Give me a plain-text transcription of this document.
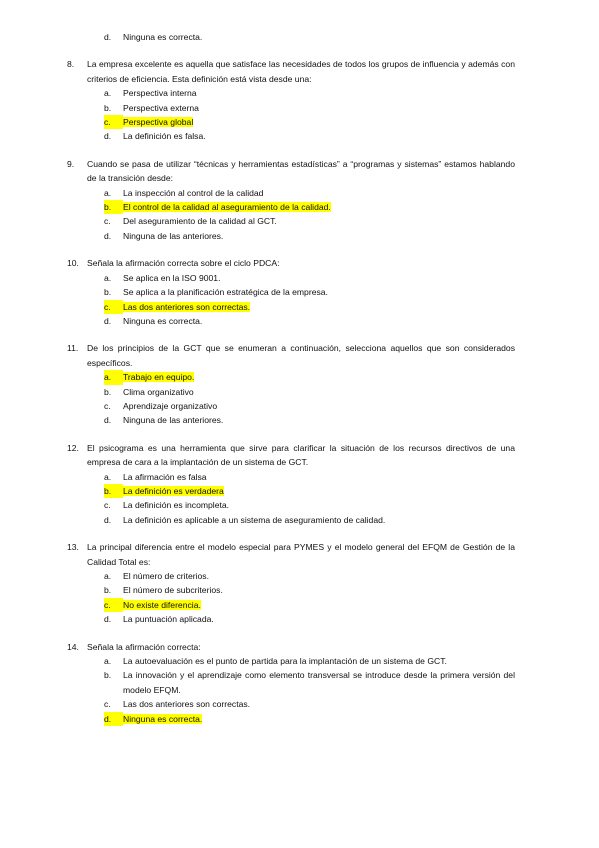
d.	Ninguna es correcta.
8.	La empresa excelente es aquella que satisface las necesidades de todos los grupos de influencia y además con criterios de eficiencia. Esta definición está vista desde una:
a.	Perspectiva interna
b.	Perspectiva externa
c.	Perspectiva global
d.	La definición es falsa.
9.	Cuando se pasa de utilizar “técnicas y herramientas estadísticas” a “programas y sistemas” estamos hablando de la transición desde:
a.	La inspección al control de la calidad
b.	El control de la calidad al aseguramiento de la calidad.
c.	Del aseguramiento de la calidad al GCT.
d.	Ninguna de las anteriores.
10. Señala la afirmación correcta sobre el ciclo PDCA:
a.	Se aplica en la ISO 9001.
b.	Se aplica a la planificación estratégica de la empresa.
c.	Las dos anteriores son correctas.
d.	Ninguna es correcta.
11.	De los principios de la GCT que se enumeran a continuación, selecciona aquellos que son considerados específicos.
a.	Trabajo en equipo.
b.	Clima organizativo
c.	Aprendizaje organizativo
d.	Ninguna de las anteriores.
12. El psicograma es una herramienta que sirve para clarificar la situación de los recursos directivos de una empresa de cara a la implantación de un sistema de GCT.
a.	La afirmación es falsa
b.	La definición es verdadera
c.	La definición es incompleta.
d.	La definición es aplicable a un sistema de aseguramiento de calidad.
13. La principal diferencia entre el modelo especial para PYMES y el modelo general del EFQM de Gestión de la Calidad Total es:
a.	El número de criterios.
b.	El número de subcriterios.
c.	No existe diferencia.
d.	La puntuación aplicada.
14. Señala la afirmación correcta:
a.	La autoevaluación es el punto de partida para la implantación de un sistema de GCT.
b.	La innovación y el aprendizaje como elemento transversal se introduce desde la primera versión del modelo EFQM.
c.	Las dos anteriores son correctas.
d.	Ninguna es correcta.
